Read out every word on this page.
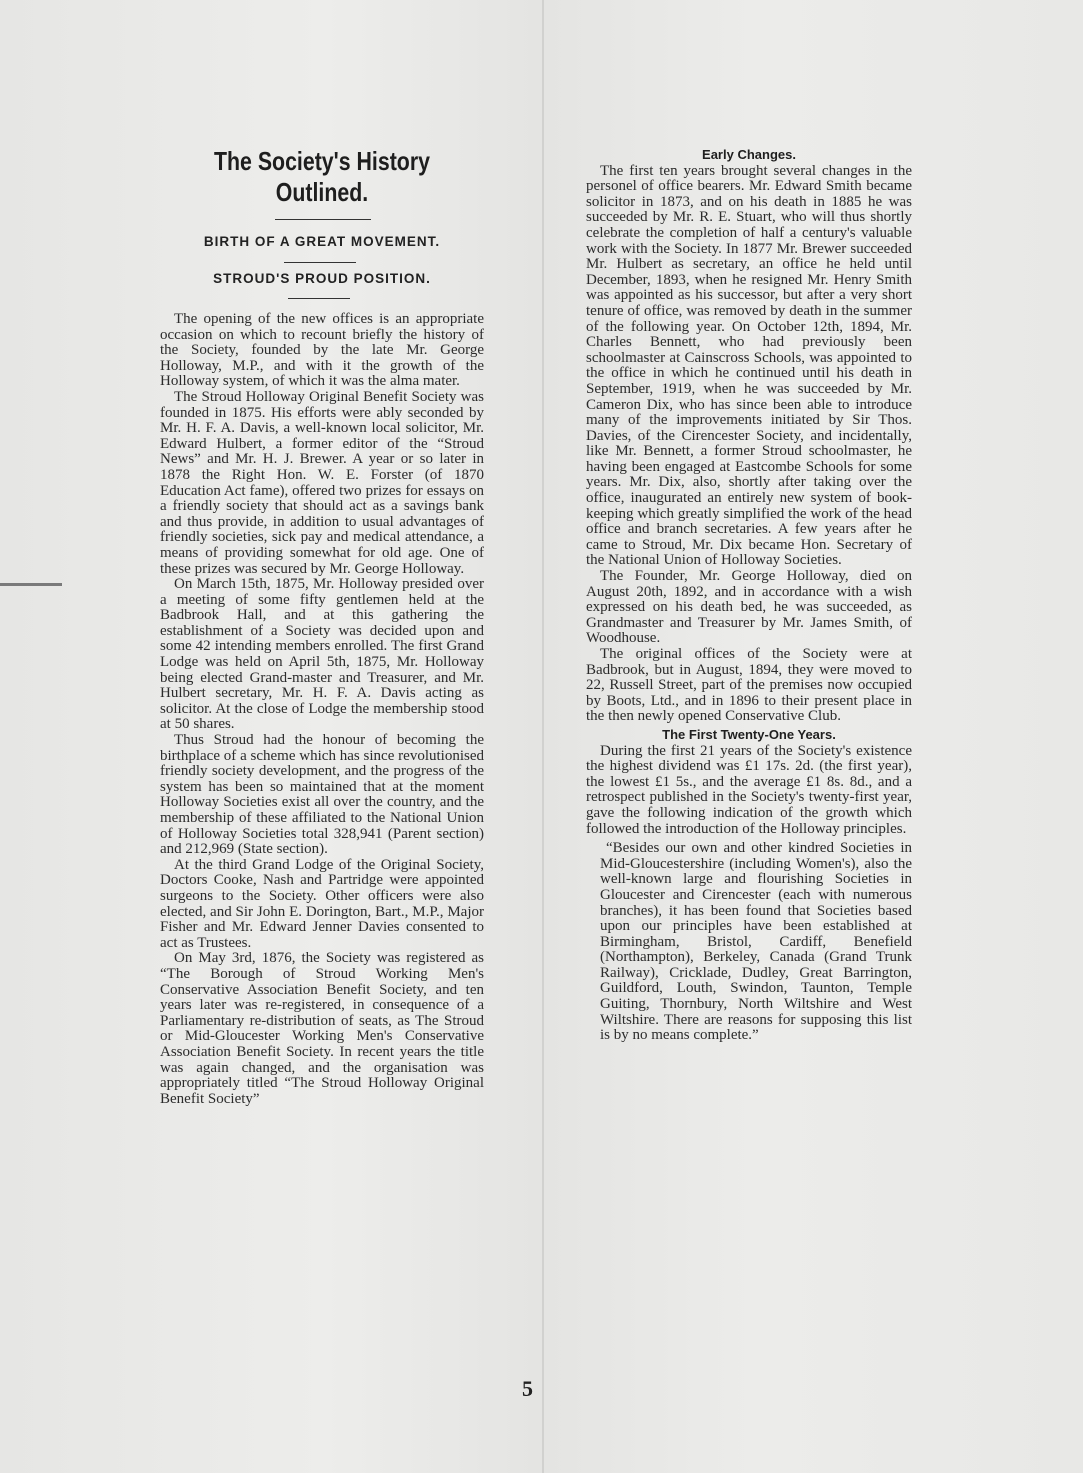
The Society's History Outlined.
BIRTH OF A GREAT MOVEMENT.
STROUD'S PROUD POSITION.

The opening of the new offices is an appropriate occasion on which to recount briefly the history of the Society, founded by the late Mr. George Holloway, M.P., and with it the growth of the Holloway system, of which it was the alma mater.

The Stroud Holloway Original Benefit Society was founded in 1875. His efforts were ably seconded by Mr. H. F. A. Davis, a well-known local solicitor, Mr. Edward Hulbert, a former editor of the “Stroud News” and Mr. H. J. Brewer. A year or so later in 1878 the Right Hon. W. E. Forster (of 1870 Education Act fame), offered two prizes for essays on a friendly society that should act as a savings bank and thus provide, in addition to usual advantages of friendly societies, sick pay and medical attendance, a means of providing somewhat for old age. One of these prizes was secured by Mr. George Holloway.

On March 15th, 1875, Mr. Holloway presided over a meeting of some fifty gentlemen held at the Badbrook Hall, and at this gathering the establishment of a Society was decided upon and some 42 intending members enrolled. The first Grand Lodge was held on April 5th, 1875, Mr. Holloway being elected Grand-master and Treasurer, and Mr. Hulbert secretary, Mr. H. F. A. Davis acting as solicitor. At the close of Lodge the membership stood at 50 shares.

Thus Stroud had the honour of becoming the birthplace of a scheme which has since revolutionised friendly society development, and the progress of the system has been so maintained that at the moment Holloway Societies exist all over the country, and the membership of these affiliated to the National Union of Holloway Societies total 328,941 (Parent section) and 212,969 (State section).

At the third Grand Lodge of the Original Society, Doctors Cooke, Nash and Partridge were appointed surgeons to the Society. Other officers were also elected, and Sir John E. Dorington, Bart., M.P., Major Fisher and Mr. Edward Jenner Davies consented to act as Trustees.

On May 3rd, 1876, the Society was registered as “The Borough of Stroud Working Men's Conservative Association Benefit Society, and ten years later was re-registered, in consequence of a Parliamentary re-distribution of seats, as The Stroud or Mid-Gloucester Working Men's Conservative Association Benefit Society. In recent years the title was again changed, and the organisation was appropriately titled “The Stroud Holloway Original Benefit Society”

Early Changes.

The first ten years brought several changes in the personel of office bearers. Mr. Edward Smith became solicitor in 1873, and on his death in 1885 he was succeeded by Mr. R. E. Stuart, who will thus shortly celebrate the completion of half a century's valuable work with the Society. In 1877 Mr. Brewer succeeded Mr. Hulbert as secretary, an office he held until December, 1893, when he resigned Mr. Henry Smith was appointed as his successor, but after a very short tenure of office, was removed by death in the summer of the following year. On October 12th, 1894, Mr. Charles Bennett, who had previously been schoolmaster at Cainscross Schools, was appointed to the office in which he continued until his death in September, 1919, when he was succeeded by Mr. Cameron Dix, who has since been able to introduce many of the improvements initiated by Sir Thos. Davies, of the Cirencester Society, and incidentally, like Mr. Bennett, a former Stroud schoolmaster, he having been engaged at Eastcombe Schools for some years. Mr. Dix, also, shortly after taking over the office, inaugurated an entirely new system of book-keeping which greatly simplified the work of the head office and branch secretaries. A few years after he came to Stroud, Mr. Dix became Hon. Secretary of the National Union of Holloway Societies.

The Founder, Mr. George Holloway, died on August 20th, 1892, and in accordance with a wish expressed on his death bed, he was succeeded, as Grandmaster and Treasurer by Mr. James Smith, of Woodhouse.

The original offices of the Society were at Badbrook, but in August, 1894, they were moved to 22, Russell Street, part of the premises now occupied by Boots, Ltd., and in 1896 to their present place in the then newly opened Conservative Club.

The First Twenty-One Years.

During the first 21 years of the Society's existence the highest dividend was £1 17s. 2d. (the first year), the lowest £1 5s., and the average £1 8s. 8d., and a retrospect published in the Society's twenty-first year, gave the following indication of the growth which followed the introduction of the Holloway principles.

“Besides our own and other kindred Societies in Mid-Gloucestershire (including Women's), also the well-known large and flourishing Societies in Gloucester and Cirencester (each with numerous branches), it has been found that Societies based upon our principles have been established at Birmingham, Bristol, Cardiff, Benefield (Northampton), Berkeley, Canada (Grand Trunk Railway), Cricklade, Dudley, Great Barrington, Guildford, Louth, Swindon, Taunton, Temple Guiting, Thornbury, North Wiltshire and West Wiltshire. There are reasons for supposing this list is by no means complete.”

5
